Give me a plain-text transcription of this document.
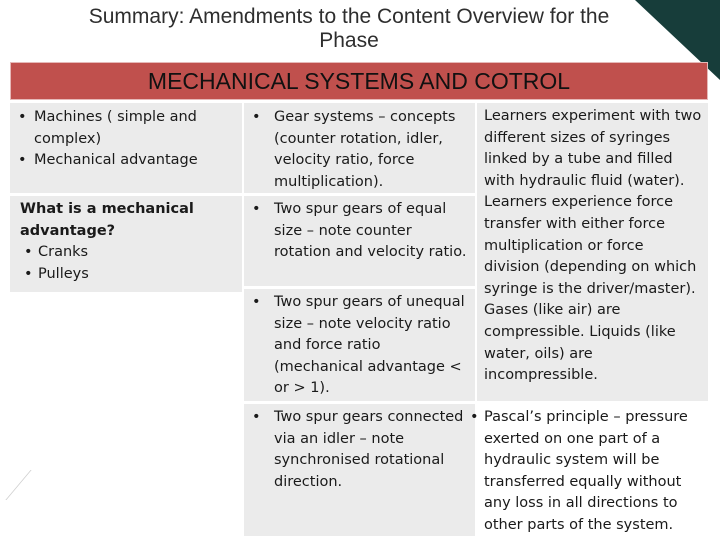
Summary: Amendments to the Content Overview for the
Phase
MECHANICAL SYSTEMS AND COTROL
• Machines ( simple and complex)
• Mechanical advantage
What is a mechanical advantage?
• Cranks
• Pulleys
• Gear systems – concepts (counter rotation, idler, velocity ratio, force multiplication).
• Two spur gears of equal size – note counter rotation and velocity ratio.
• Two spur gears of unequal size – note velocity ratio and force ratio (mechanical advantage < or > 1).
• Two spur gears connected via an idler – note synchronised rotational direction.
Learners experiment with two different sizes of syringes linked by a tube and filled with hydraulic fluid (water). Learners experience force transfer with either force multiplication or force division (depending on which syringe is the driver/master). Gases (like air) are compressible. Liquids (like water, oils) are incompressible.
• Pascal’s principle – pressure exerted on one part of a hydraulic system will be transferred equally without any loss in all directions to other parts of the system.
